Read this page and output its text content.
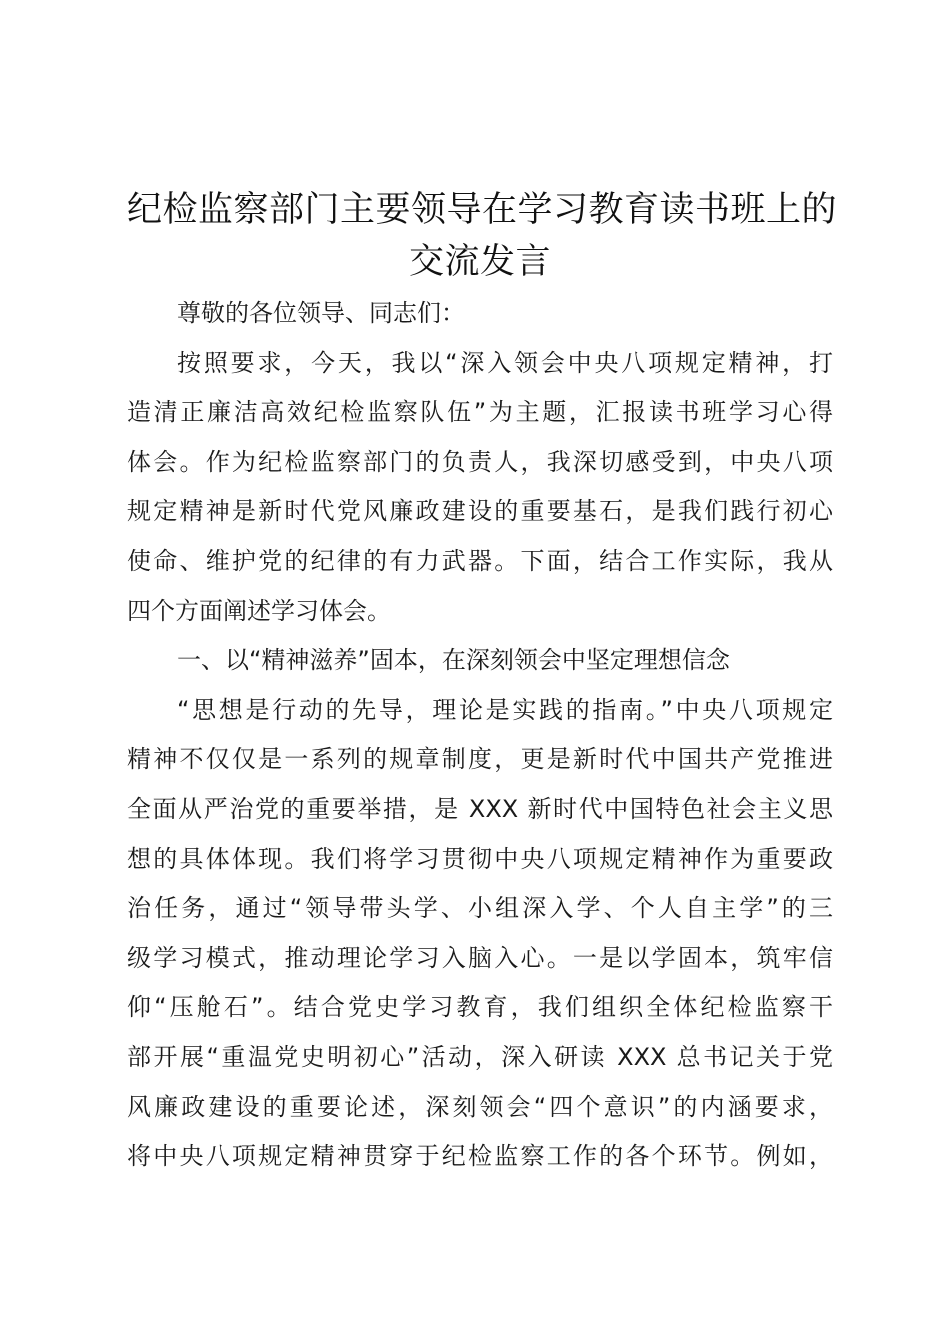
纪检监察部门主要领导在学习教育读书班上的
交流发言

尊敬的各位领导、同志们：

按照要求，今天，我以“深入领会中央八项规定精神，打
造清正廉洁高效纪检监察队伍”为主题，汇报读书班学习心得
体会。作为纪检监察部门的负责人，我深切感受到，中央八项
规定精神是新时代党风廉政建设的重要基石，是我们践行初心
使命、维护党的纪律的有力武器。下面，结合工作实际，我从
四个方面阐述学习体会。

一、以“精神滋养”固本，在深刻领会中坚定理想信念

“思想是行动的先导，理论是实践的指南。”中央八项规定
精神不仅仅是一系列的规章制度，更是新时代中国共产党推进
全面从严治党的重要举措，是 XXX 新时代中国特色社会主义思
想的具体体现。我们将学习贯彻中央八项规定精神作为重要政
治任务，通过“领导带头学、小组深入学、个人自主学”的三
级学习模式，推动理论学习入脑入心。一是以学固本，筑牢信
仰“压舱石”。结合党史学习教育，我们组织全体纪检监察干
部开展“重温党史明初心”活动，深入研读 XXX 总书记关于党
风廉政建设的重要论述，深刻领会“四个意识”的内涵要求，
将中央八项规定精神贯穿于纪检监察工作的各个环节。例如，
